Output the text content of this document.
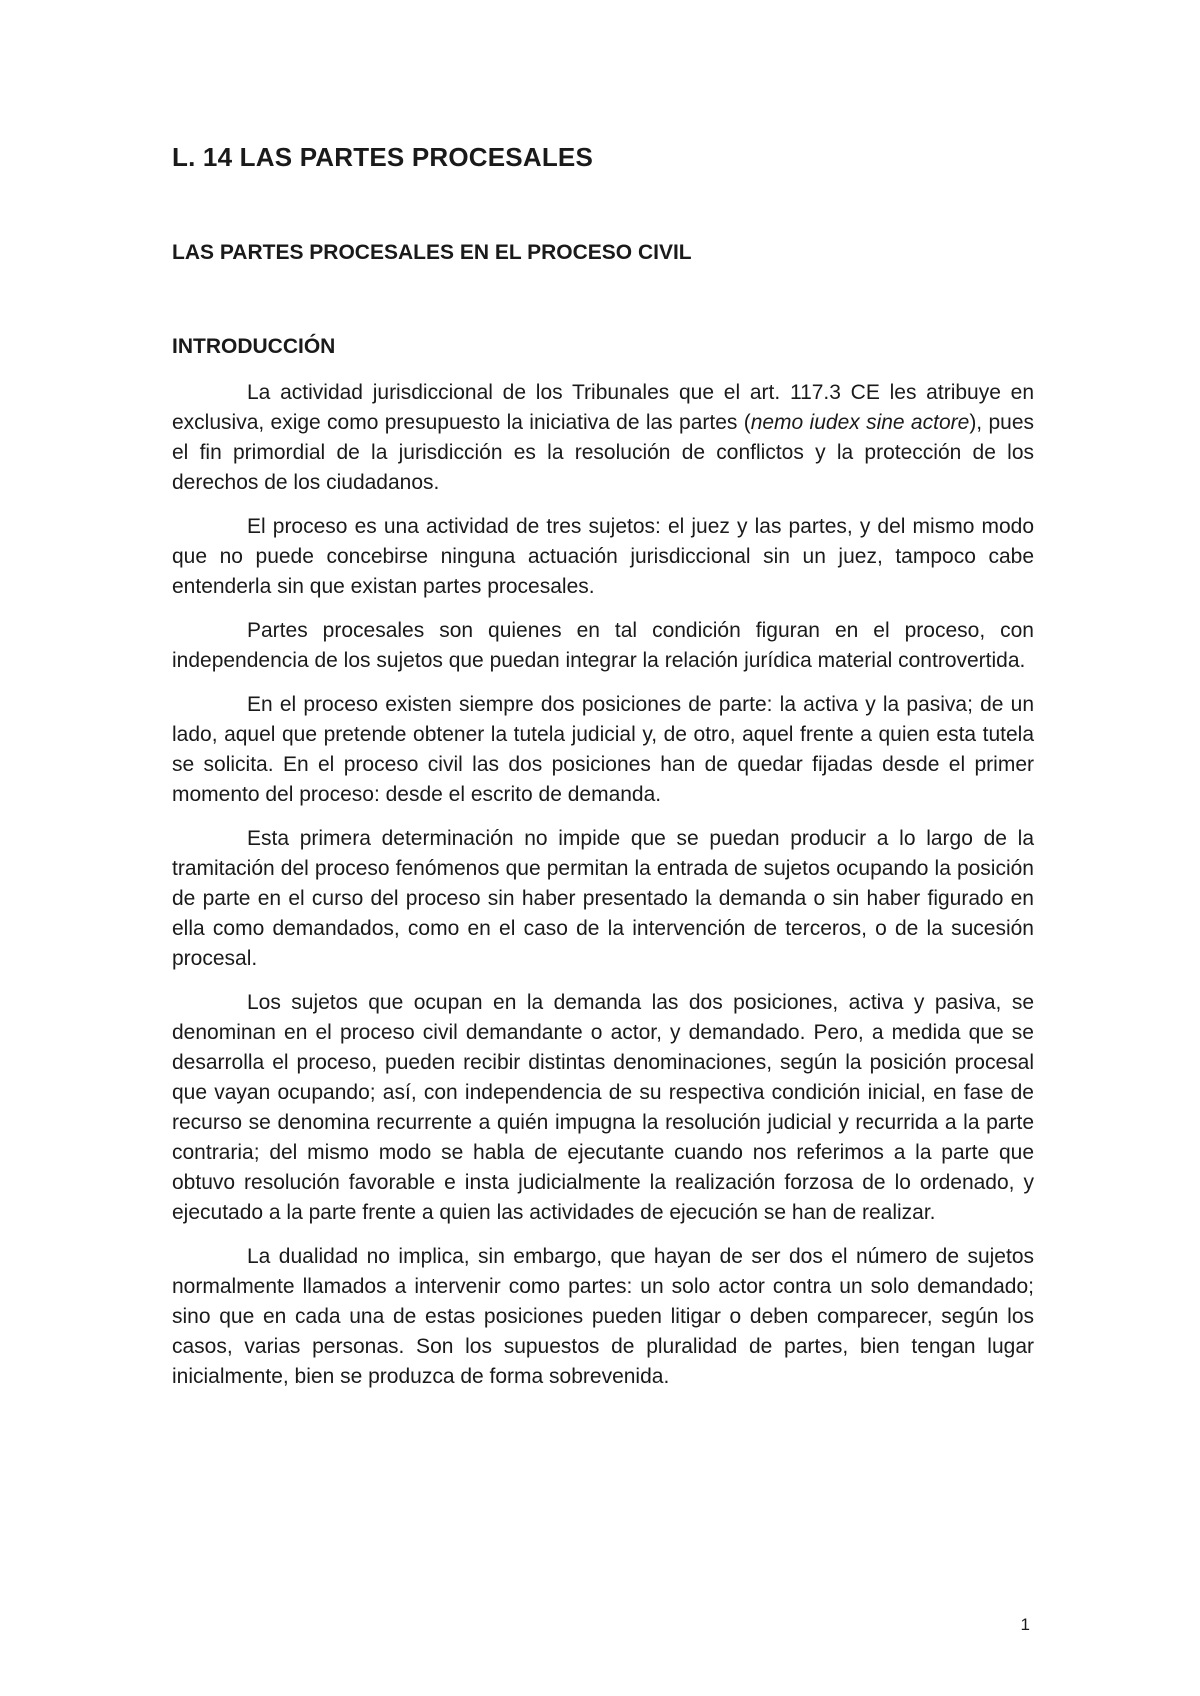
L. 14 LAS PARTES PROCESALES
LAS PARTES PROCESALES EN EL PROCESO CIVIL
INTRODUCCIÓN

La actividad jurisdiccional de los Tribunales que el art. 117.3 CE les atribuye en exclusiva, exige como presupuesto la iniciativa de las partes (nemo iudex sine actore), pues el fin primordial de la jurisdicción es la resolución de conflictos y la protección de los derechos de los ciudadanos.

El proceso es una actividad de tres sujetos: el juez y las partes, y del mismo modo que no puede concebirse ninguna actuación jurisdiccional sin un juez, tampoco cabe entenderla sin que existan partes procesales.

Partes procesales son quienes en tal condición figuran en el proceso, con independencia de los sujetos que puedan integrar la relación jurídica material controvertida.

En el proceso existen siempre dos posiciones de parte: la activa y la pasiva; de un lado, aquel que pretende obtener la tutela judicial y, de otro, aquel frente a quien esta tutela se solicita. En el proceso civil las dos posiciones han de quedar fijadas desde el primer momento del proceso: desde el escrito de demanda.

Esta primera determinación no impide que se puedan producir a lo largo de la tramitación del proceso fenómenos que permitan la entrada de sujetos ocupando la posición de parte en el curso del proceso sin haber presentado la demanda o sin haber figurado en ella como demandados, como en el caso de la intervención de terceros, o de la sucesión procesal.

Los sujetos que ocupan en la demanda las dos posiciones, activa y pasiva, se denominan en el proceso civil demandante o actor, y demandado. Pero, a medida que se desarrolla el proceso, pueden recibir distintas denominaciones, según la posición procesal que vayan ocupando; así, con independencia de su respectiva condición inicial, en fase de recurso se denomina recurrente a quién impugna la resolución judicial y recurrida a la parte contraria; del mismo modo se habla de ejecutante cuando nos referimos a la parte que obtuvo resolución favorable e insta judicialmente la realización forzosa de lo ordenado, y ejecutado a la parte frente a quien las actividades de ejecución se han de realizar.

La dualidad no implica, sin embargo, que hayan de ser dos el número de sujetos normalmente llamados a intervenir como partes: un solo actor contra un solo demandado; sino que en cada una de estas posiciones pueden litigar o deben comparecer, según los casos, varias personas. Son los supuestos de pluralidad de partes, bien tengan lugar inicialmente, bien se produzca de forma sobrevenida.

1
